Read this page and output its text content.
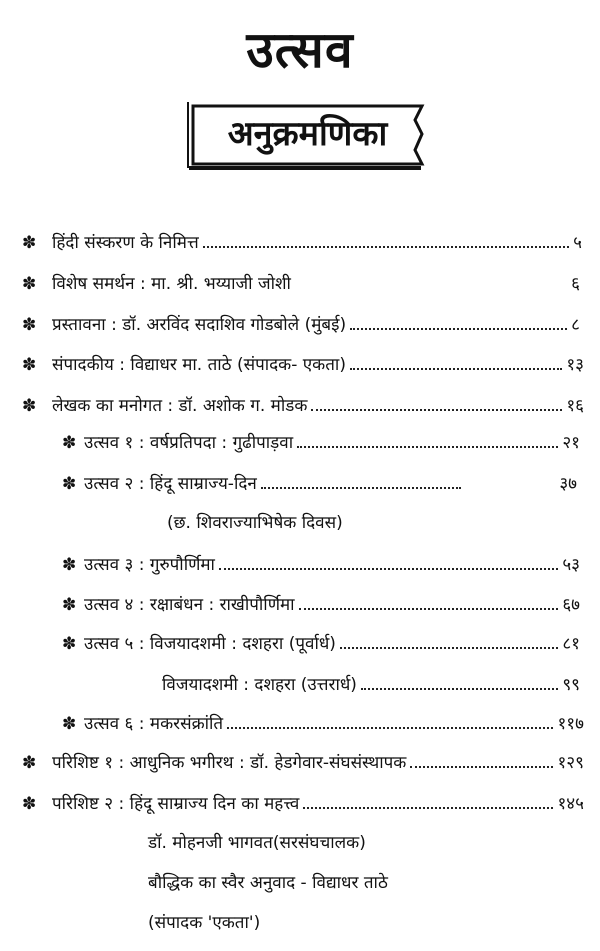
उत्सव
अनुक्रमणिका
✽ हिंदी संस्करण के निमित्त	५
✽ विशेष समर्थन : मा. श्री. भय्याजी जोशी	६
✽ प्रस्तावना : डॉ. अरविंद सदाशिव गोडबोले (मुंबई)	८
✽ संपादकीय : विद्याधर मा. ताठे (संपादक- एकता)	१३
✽ लेखक का मनोगत : डॉ. अशोक ग. मोडक	१६
✽ उत्सव १ : वर्षप्रतिपदा : गुढीपाड़वा	२१
✽ उत्सव २ : हिंदू साम्राज्य-दिन	३७
(छ. शिवराज्याभिषेक दिवस)
✽ उत्सव ३ : गुरुपौर्णिमा	५३
✽ उत्सव ४ : रक्षाबंधन : राखीपौर्णिमा	६७
✽ उत्सव ५ : विजयादशमी : दशहरा (पूर्वार्ध)	८१
विजयादशमी : दशहरा (उत्तरार्ध)	९९
✽ उत्सव ६ : मकरसंक्रांति	११७
✽ परिशिष्ट १ : आधुनिक भगीरथ : डॉ. हेडगेवार-संघसंस्थापक	१२९
✽ परिशिष्ट २ : हिंदू साम्राज्य दिन का महत्त्व	१४५
डॉ. मोहनजी भागवत(सरसंघचालक)
बौद्धिक का स्वैर अनुवाद - विद्याधर ताठे
(संपादक 'एकता')
